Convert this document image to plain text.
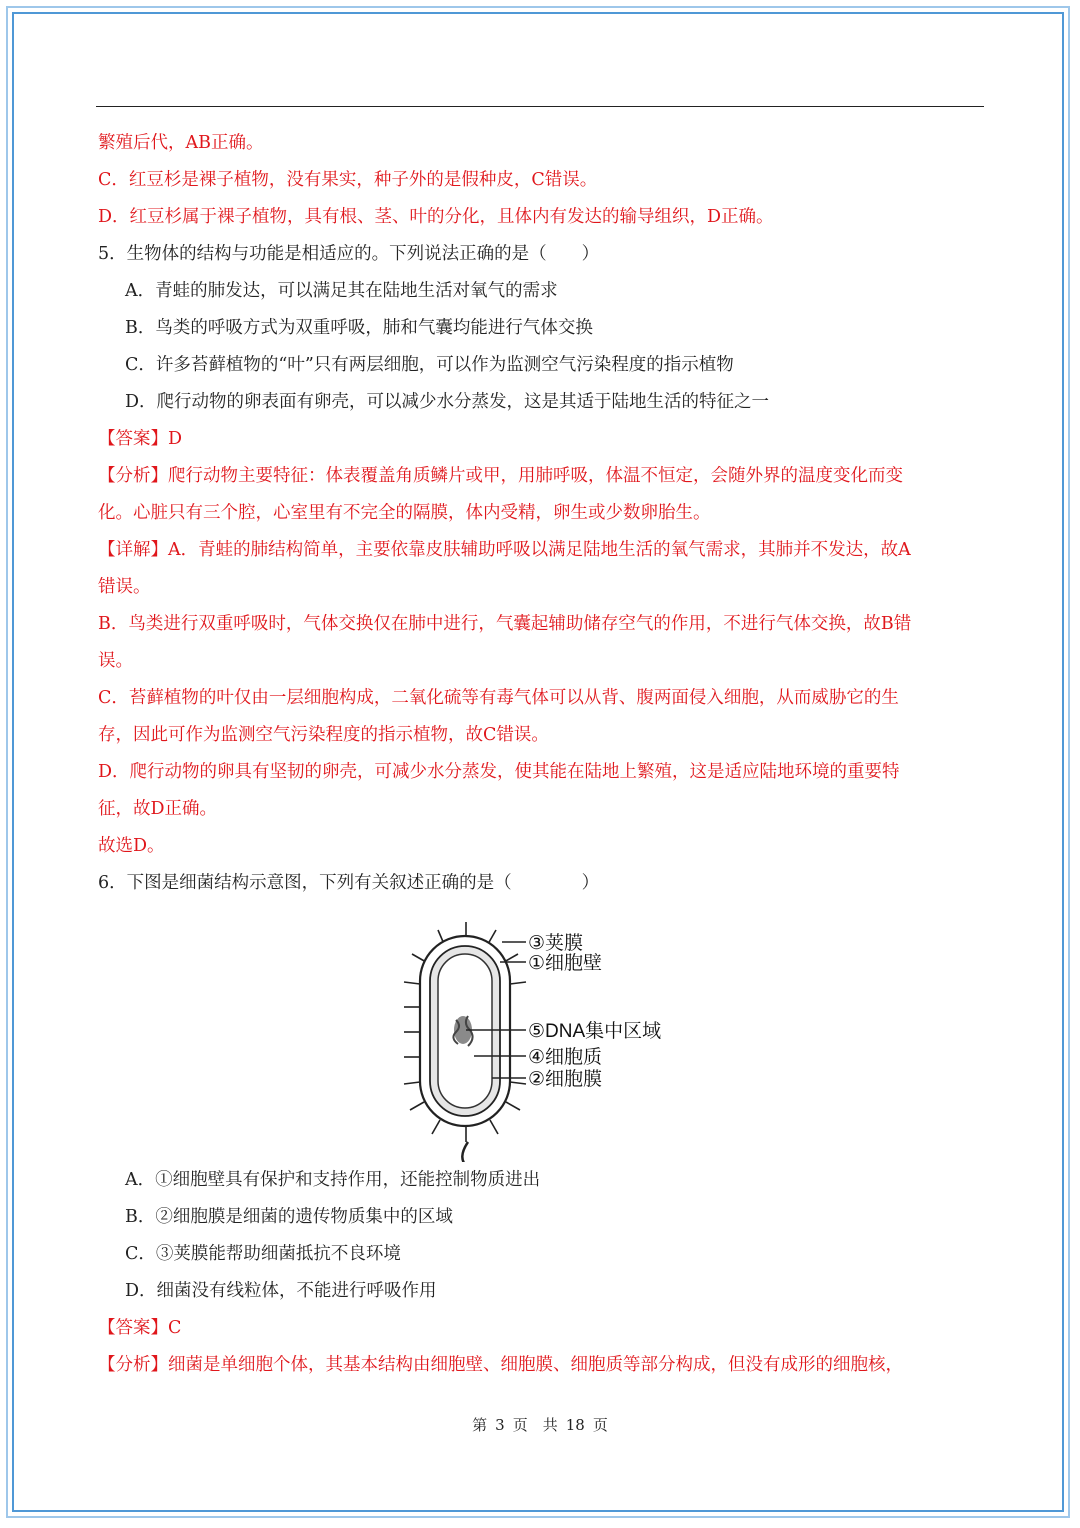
繁殖后代，AB正确。
C．红豆杉是裸子植物，没有果实，种子外的是假种皮，C错误。
D．红豆杉属于裸子植物，具有根、茎、叶的分化，且体内有发达的输导组织，D正确。
5．生物体的结构与功能是相适应的。下列说法正确的是（　　）
A．青蛙的肺发达，可以满足其在陆地生活对氧气的需求
B．鸟类的呼吸方式为双重呼吸，肺和气囊均能进行气体交换
C．许多苔藓植物的“叶”只有两层细胞，可以作为监测空气污染程度的指示植物
D．爬行动物的卵表面有卵壳，可以减少水分蒸发，这是其适于陆地生活的特征之一
【答案】D
【分析】爬行动物主要特征：体表覆盖角质鳞片或甲，用肺呼吸，体温不恒定，会随外界的温度变化而变
化。心脏只有三个腔，心室里有不完全的隔膜，体内受精，卵生或少数卵胎生。
【详解】A．青蛙的肺结构简单，主要依靠皮肤辅助呼吸以满足陆地生活的氧气需求，其肺并不发达，故A
错误。
B．鸟类进行双重呼吸时，气体交换仅在肺中进行，气囊起辅助储存空气的作用，不进行气体交换，故B错
误。
C．苔藓植物的叶仅由一层细胞构成，二氧化硫等有毒气体可以从背、腹两面侵入细胞，从而威胁它的生
存，因此可作为监测空气污染程度的指示植物，故C错误。
D．爬行动物的卵具有坚韧的卵壳，可减少水分蒸发，使其能在陆地上繁殖，这是适应陆地环境的重要特
征，故D正确。
故选D。
6．下图是细菌结构示意图，下列有关叙述正确的是（　　　　）
③荚膜
①细胞壁
⑤DNA集中区域
④细胞质
②细胞膜
A．①细胞壁具有保护和支持作用，还能控制物质进出
B．②细胞膜是细菌的遗传物质集中的区域
C．③荚膜能帮助细菌抵抗不良环境
D．细菌没有线粒体，不能进行呼吸作用
【答案】C
【分析】细菌是单细胞个体，其基本结构由细胞壁、细胞膜、细胞质等部分构成，但没有成形的细胞核，
第 3 页　共 18 页
